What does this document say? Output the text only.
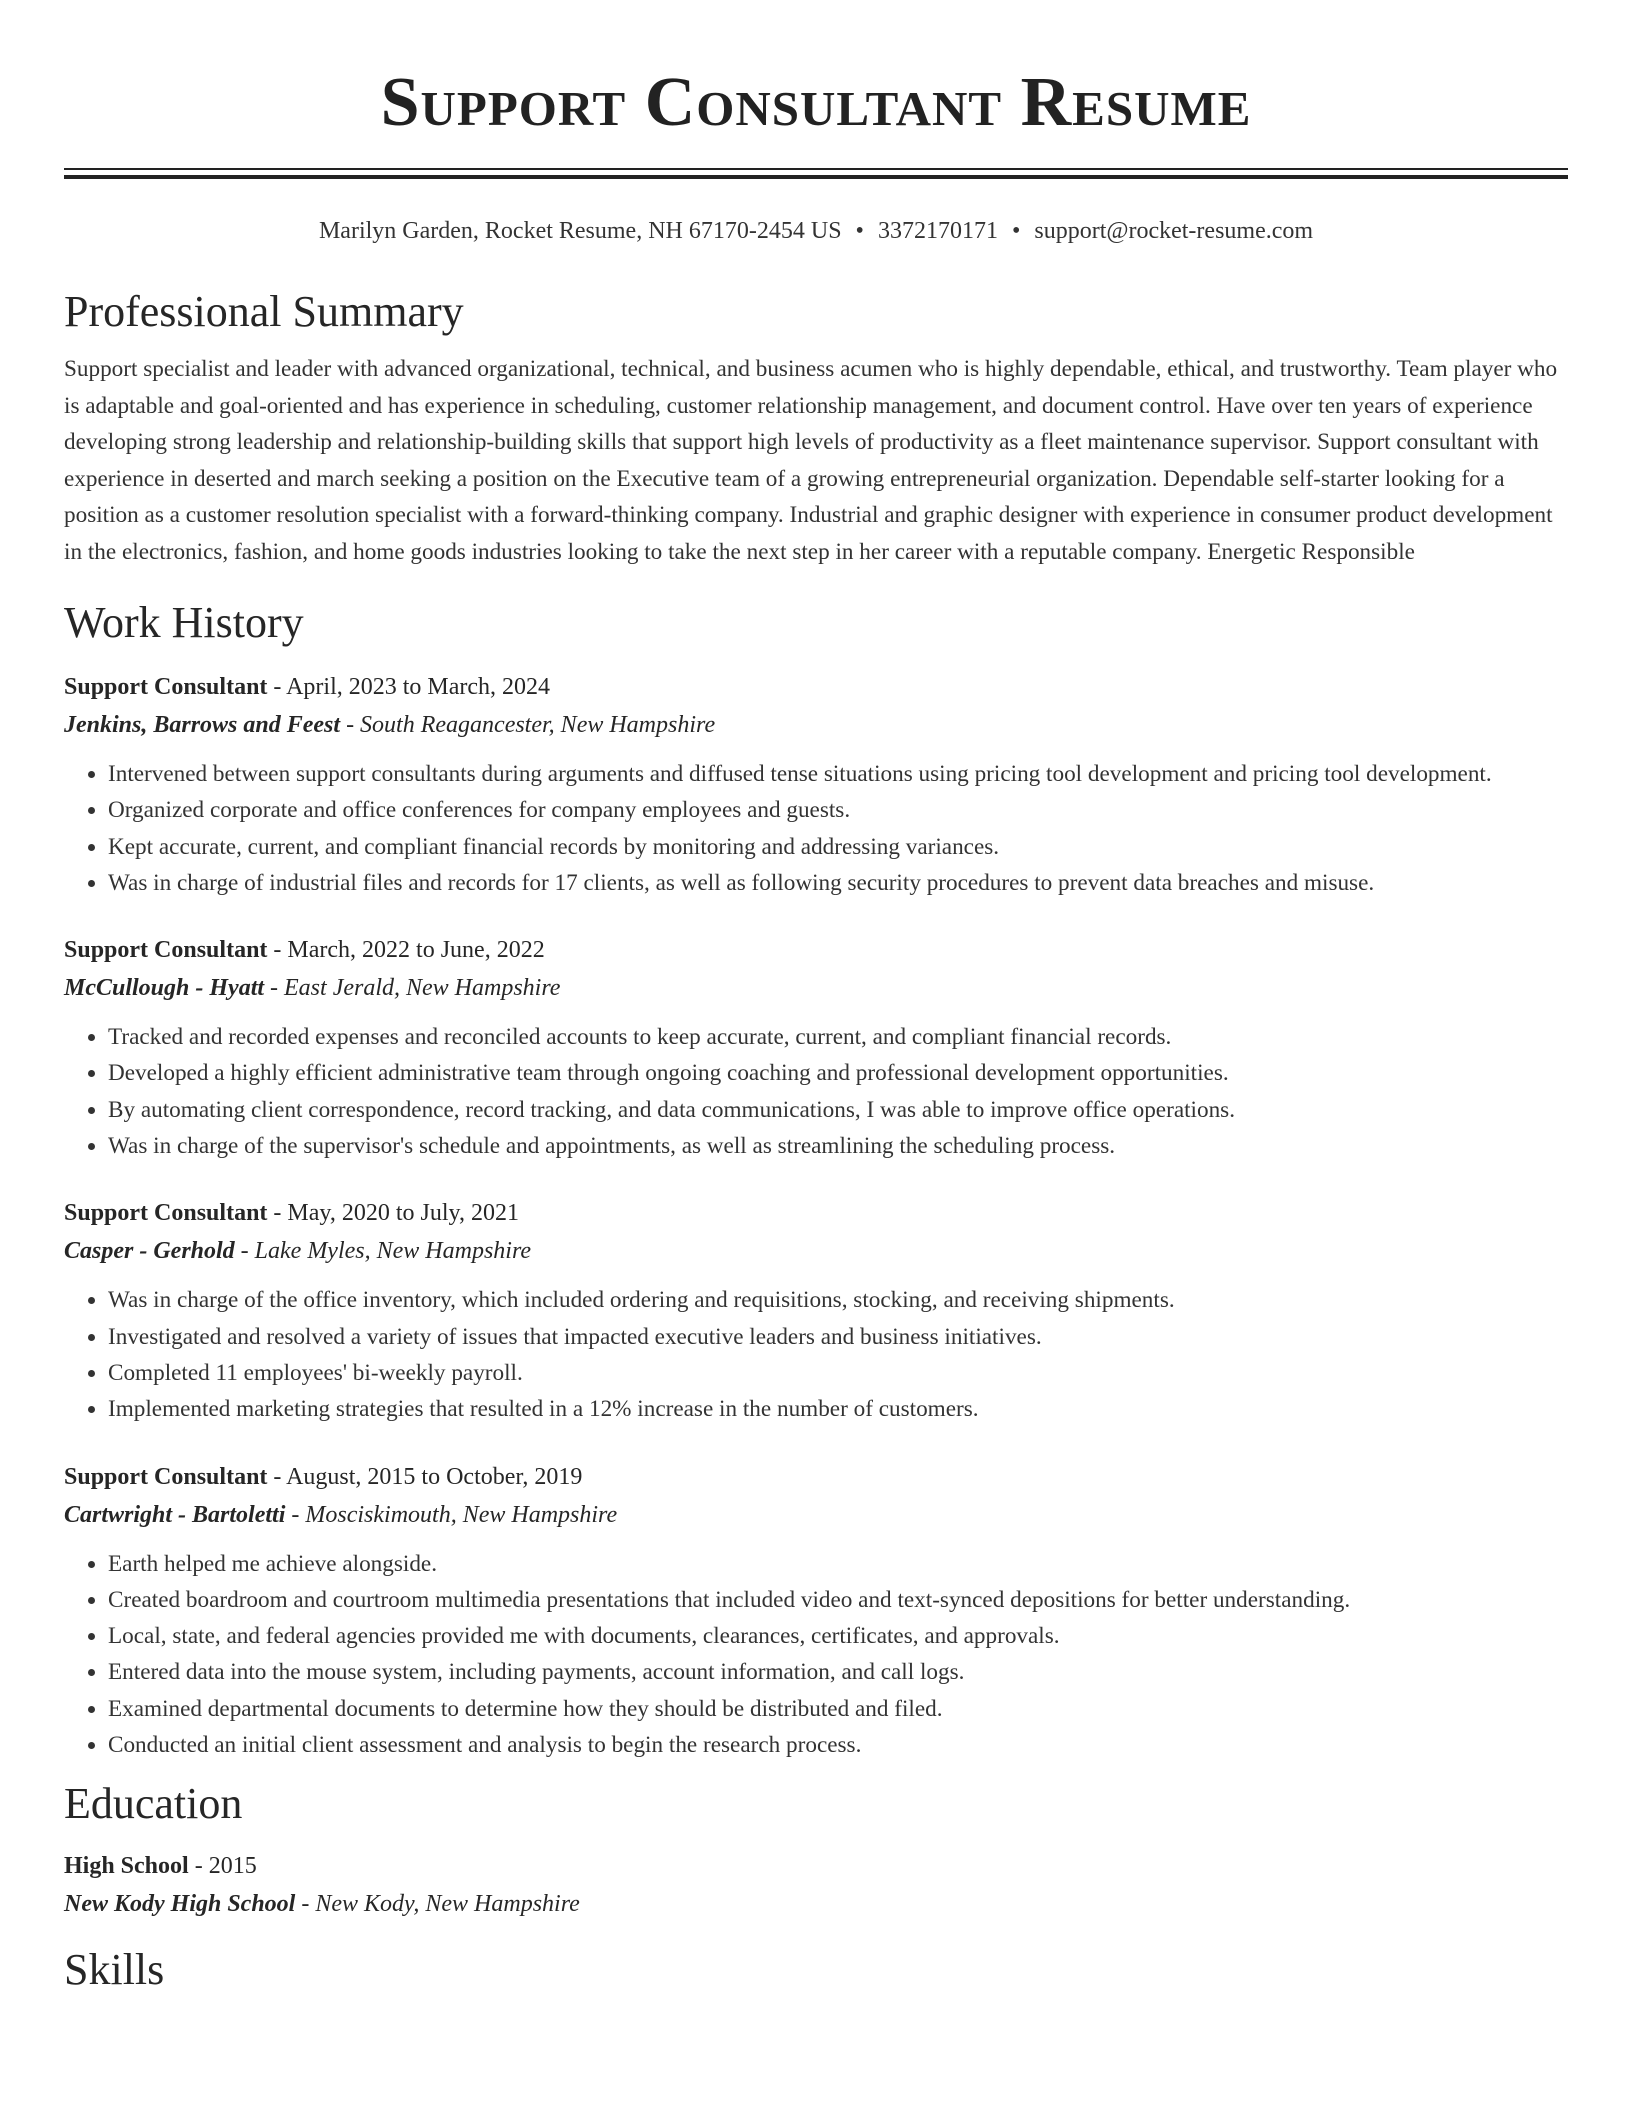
Support Consultant Resume
Marilyn Garden, Rocket Resume, NH 67170-2454 US • 3372170171 • support@rocket-resume.com
Professional Summary

Support specialist and leader with advanced organizational, technical, and business acumen who is highly dependable, ethical, and trustworthy. Team player who is adaptable and goal-oriented and has experience in scheduling, customer relationship management, and document control. Have over ten years of experience developing strong leadership and relationship-building skills that support high levels of productivity as a fleet maintenance supervisor. Support consultant with experience in deserted and march seeking a position on the Executive team of a growing entrepreneurial organization. Dependable self-starter looking for a position as a customer resolution specialist with a forward-thinking company. Industrial and graphic designer with experience in consumer product development in the electronics, fashion, and home goods industries looking to take the next step in her career with a reputable company. Energetic Responsible

Work History
Support Consultant - April, 2023 to March, 2024
Jenkins, Barrows and Feest - South Reagancester, New Hampshire
• Intervened between support consultants during arguments and diffused tense situations using pricing tool development and pricing tool development.
• Organized corporate and office conferences for company employees and guests.
• Kept accurate, current, and compliant financial records by monitoring and addressing variances.
• Was in charge of industrial files and records for 17 clients, as well as following security procedures to prevent data breaches and misuse.
Support Consultant - March, 2022 to June, 2022
McCullough - Hyatt - East Jerald, New Hampshire
• Tracked and recorded expenses and reconciled accounts to keep accurate, current, and compliant financial records.
• Developed a highly efficient administrative team through ongoing coaching and professional development opportunities.
• By automating client correspondence, record tracking, and data communications, I was able to improve office operations.
• Was in charge of the supervisor's schedule and appointments, as well as streamlining the scheduling process.
Support Consultant - May, 2020 to July, 2021
Casper - Gerhold - Lake Myles, New Hampshire
• Was in charge of the office inventory, which included ordering and requisitions, stocking, and receiving shipments.
• Investigated and resolved a variety of issues that impacted executive leaders and business initiatives.
• Completed 11 employees' bi-weekly payroll.
• Implemented marketing strategies that resulted in a 12% increase in the number of customers.
Support Consultant - August, 2015 to October, 2019
Cartwright - Bartoletti - Mosciskimouth, New Hampshire
• Earth helped me achieve alongside.
• Created boardroom and courtroom multimedia presentations that included video and text-synced depositions for better understanding.
• Local, state, and federal agencies provided me with documents, clearances, certificates, and approvals.
• Entered data into the mouse system, including payments, account information, and call logs.
• Examined departmental documents to determine how they should be distributed and filed.
• Conducted an initial client assessment and analysis to begin the research process.
Education
High School - 2015
New Kody High School - New Kody, New Hampshire
Skills
